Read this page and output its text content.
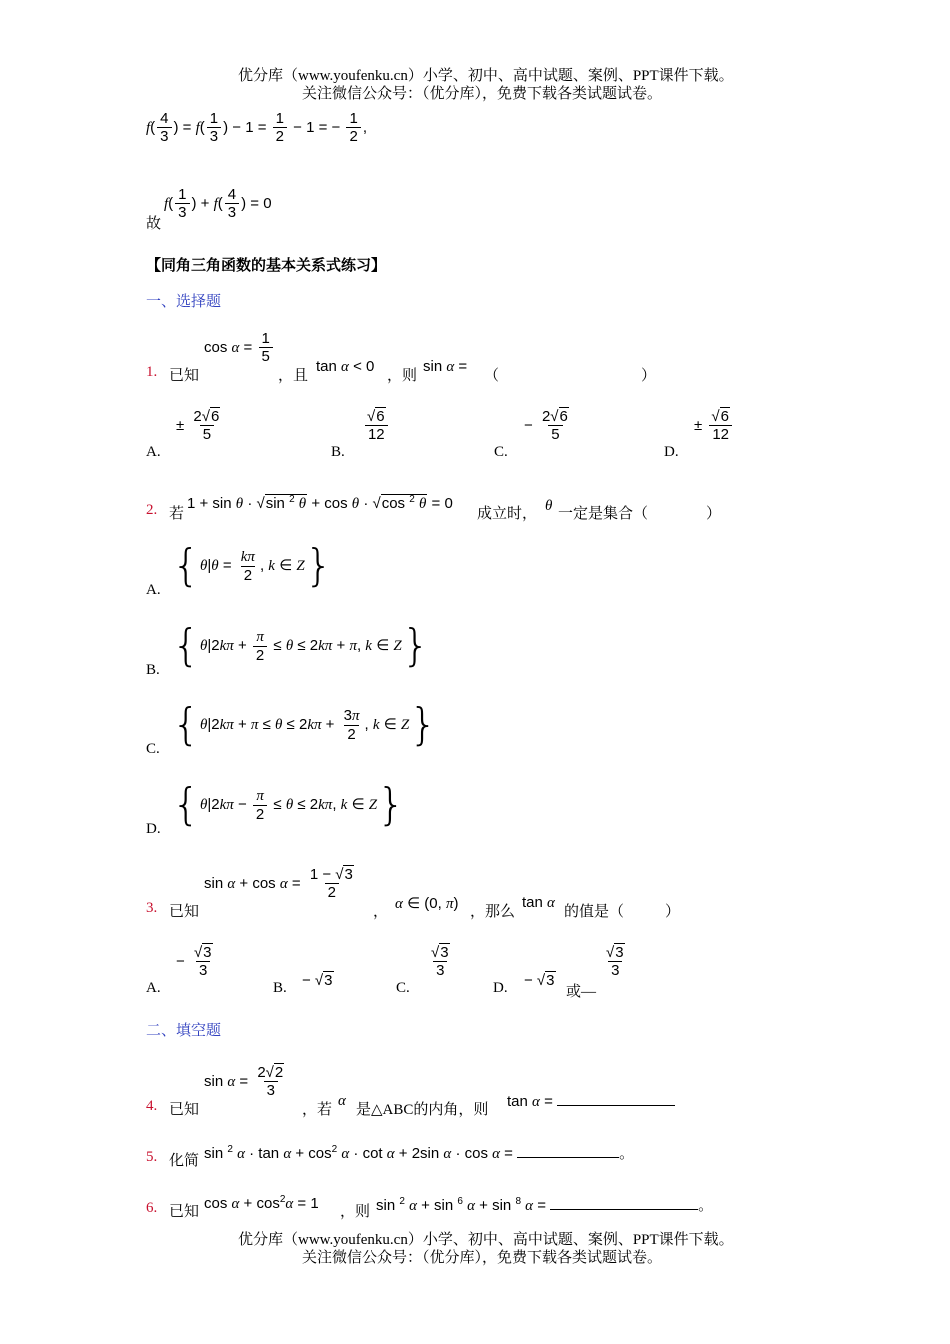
优分库（www.youfenku.cn）小学、初中、高中试题、案例、PPT课件下载。
关注微信公众号：（优分库），免费下载各类试题试卷。
$f( \frac{4}{3}$ ) = $f( \frac{1}{3}$ ) − $1 = \frac{1}{2} - 1$ = − $\frac{1}{2}$ ,
$f( \frac{1}{3}$ ) + $f( \frac{4}{3}$ ) = 0
故
【同角三角函数的基本关系式练习】
一、选择题
1. 已知
$\cos \alpha = \frac{1}{5}$
，且
tan α < 0
，则
sin α =
（	）
A.
± $\frac{2√6}{5}$
B.
$\frac{√6}{12}$
C.
− $\frac{2√6}{5}$
D.
± $\frac{√6}{12}$
2. 若
1 + sin θ · √sin $^2$ θ + cos θ · √cos $^2$ θ = 0
成立时， θ 一定是集合（	）
A. {$\theta|\theta = \frac{k\pi}{2}$ , k ∈ Z}
B. {$\theta|2k\pi + \frac{\pi}{2} \le \theta \le 2k\pi + \pi$, k ∈ Z}
C. {$\theta|2k\pi + \pi \le \theta \le 2k\pi + \frac{3\pi}{2}$ , k ∈ Z}
D. {$\theta|2k\pi - \frac{\pi}{2} \le \theta \le 2k\pi$, k ∈ Z}
3. 已知
$\sin \alpha + \cos \alpha = \frac{1 - √3}{2}$
， α ∈ (0, π) ，那么
tan α
的值是（	）
A.
− $\frac{√3}{3}$
B. − √3	C.
$\frac{√3}{3}$
D. − √3
或—
$\frac{√3}{3}$
二、填空题
4. 已知
$\sin \alpha = \frac{2√2}{3}$
，若
α
是△ABC的内角，则 tan α =
5. 化简 sin $^2$ $\alpha \cdot \tan \alpha + \cos^2 \alpha \cdot \cot \alpha + 2\sin$ α · cos α =	。
6. 已知 $\cos \alpha + \cos^2\alpha = 1$ ，则 sin $^2$ α + sin $^6$ α + sin $^8$ α =	。
优分库（www.youfenku.cn）小学、初中、高中试题、案例、PPT课件下载。
关注微信公众号：（优分库），免费下载各类试题试卷。
